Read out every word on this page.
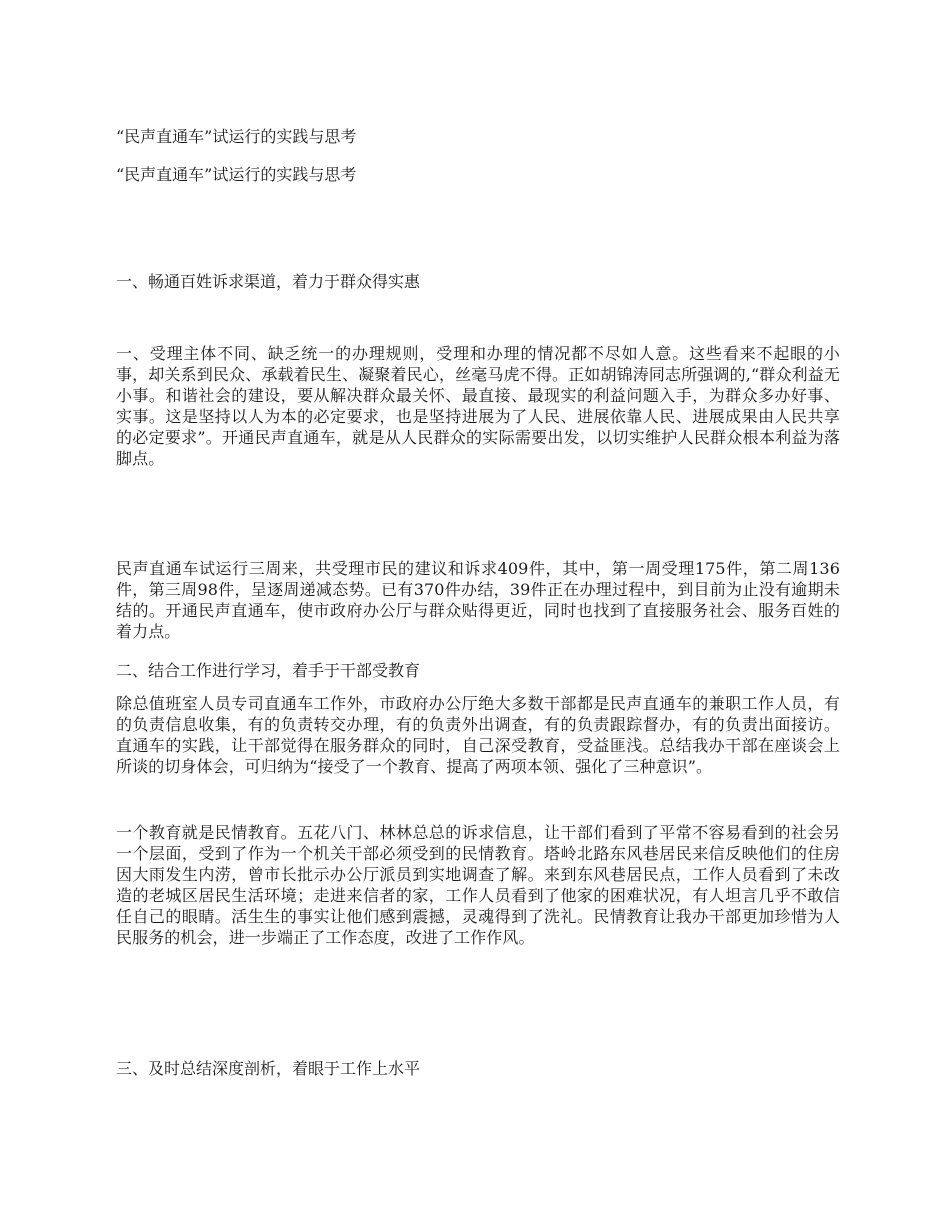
“民声直通车”试运行的实践与思考
“民声直通车”试运行的实践与思考
一、畅通百姓诉求渠道，着力于群众得实惠
一、受理主体不同、缺乏统一的办理规则，受理和办理的情况都不尽如人意。这些看来不起眼的小事，却关系到民众、承载着民生、凝聚着民心，丝毫马虎不得。正如胡锦涛同志所强调的,“群众利益无小事。和谐社会的建设，要从解决群众最关怀、最直接、最现实的利益问题入手，为群众多办好事、实事。这是坚持以人为本的必定要求，也是坚持进展为了人民、进展依靠人民、进展成果由人民共享的必定要求”。开通民声直通车，就是从人民群众的实际需要出发，以切实维护人民群众根本利益为落脚点。
民声直通车试运行三周来，共受理市民的建议和诉求409件，其中，第一周受理175件，第二周136件，第三周98件，呈逐周递减态势。已有370件办结，39件正在办理过程中，到目前为止没有逾期未结的。开通民声直通车，使市政府办公厅与群众贴得更近，同时也找到了直接服务社会、服务百姓的着力点。
二、结合工作进行学习，着手于干部受教育
除总值班室人员专司直通车工作外，市政府办公厅绝大多数干部都是民声直通车的兼职工作人员，有的负责信息收集，有的负责转交办理，有的负责外出调查，有的负责跟踪督办，有的负责出面接访。直通车的实践，让干部觉得在服务群众的同时，自己深受教育，受益匪浅。总结我办干部在座谈会上所谈的切身体会，可归纳为“接受了一个教育、提高了两项本领、强化了三种意识”。
一个教育就是民情教育。五花八门、林林总总的诉求信息，让干部们看到了平常不容易看到的社会另一个层面，受到了作为一个机关干部必须受到的民情教育。塔岭北路东风巷居民来信反映他们的住房因大雨发生内涝，曾市长批示办公厅派员到实地调查了解。来到东风巷居民点，工作人员看到了未改造的老城区居民生活环境；走进来信者的家，工作人员看到了他家的困难状况，有人坦言几乎不敢信任自己的眼睛。活生生的事实让他们感到震撼，灵魂得到了洗礼。民情教育让我办干部更加珍惜为人民服务的机会，进一步端正了工作态度，改进了工作作风。
三、及时总结深度剖析，着眼于工作上水平
